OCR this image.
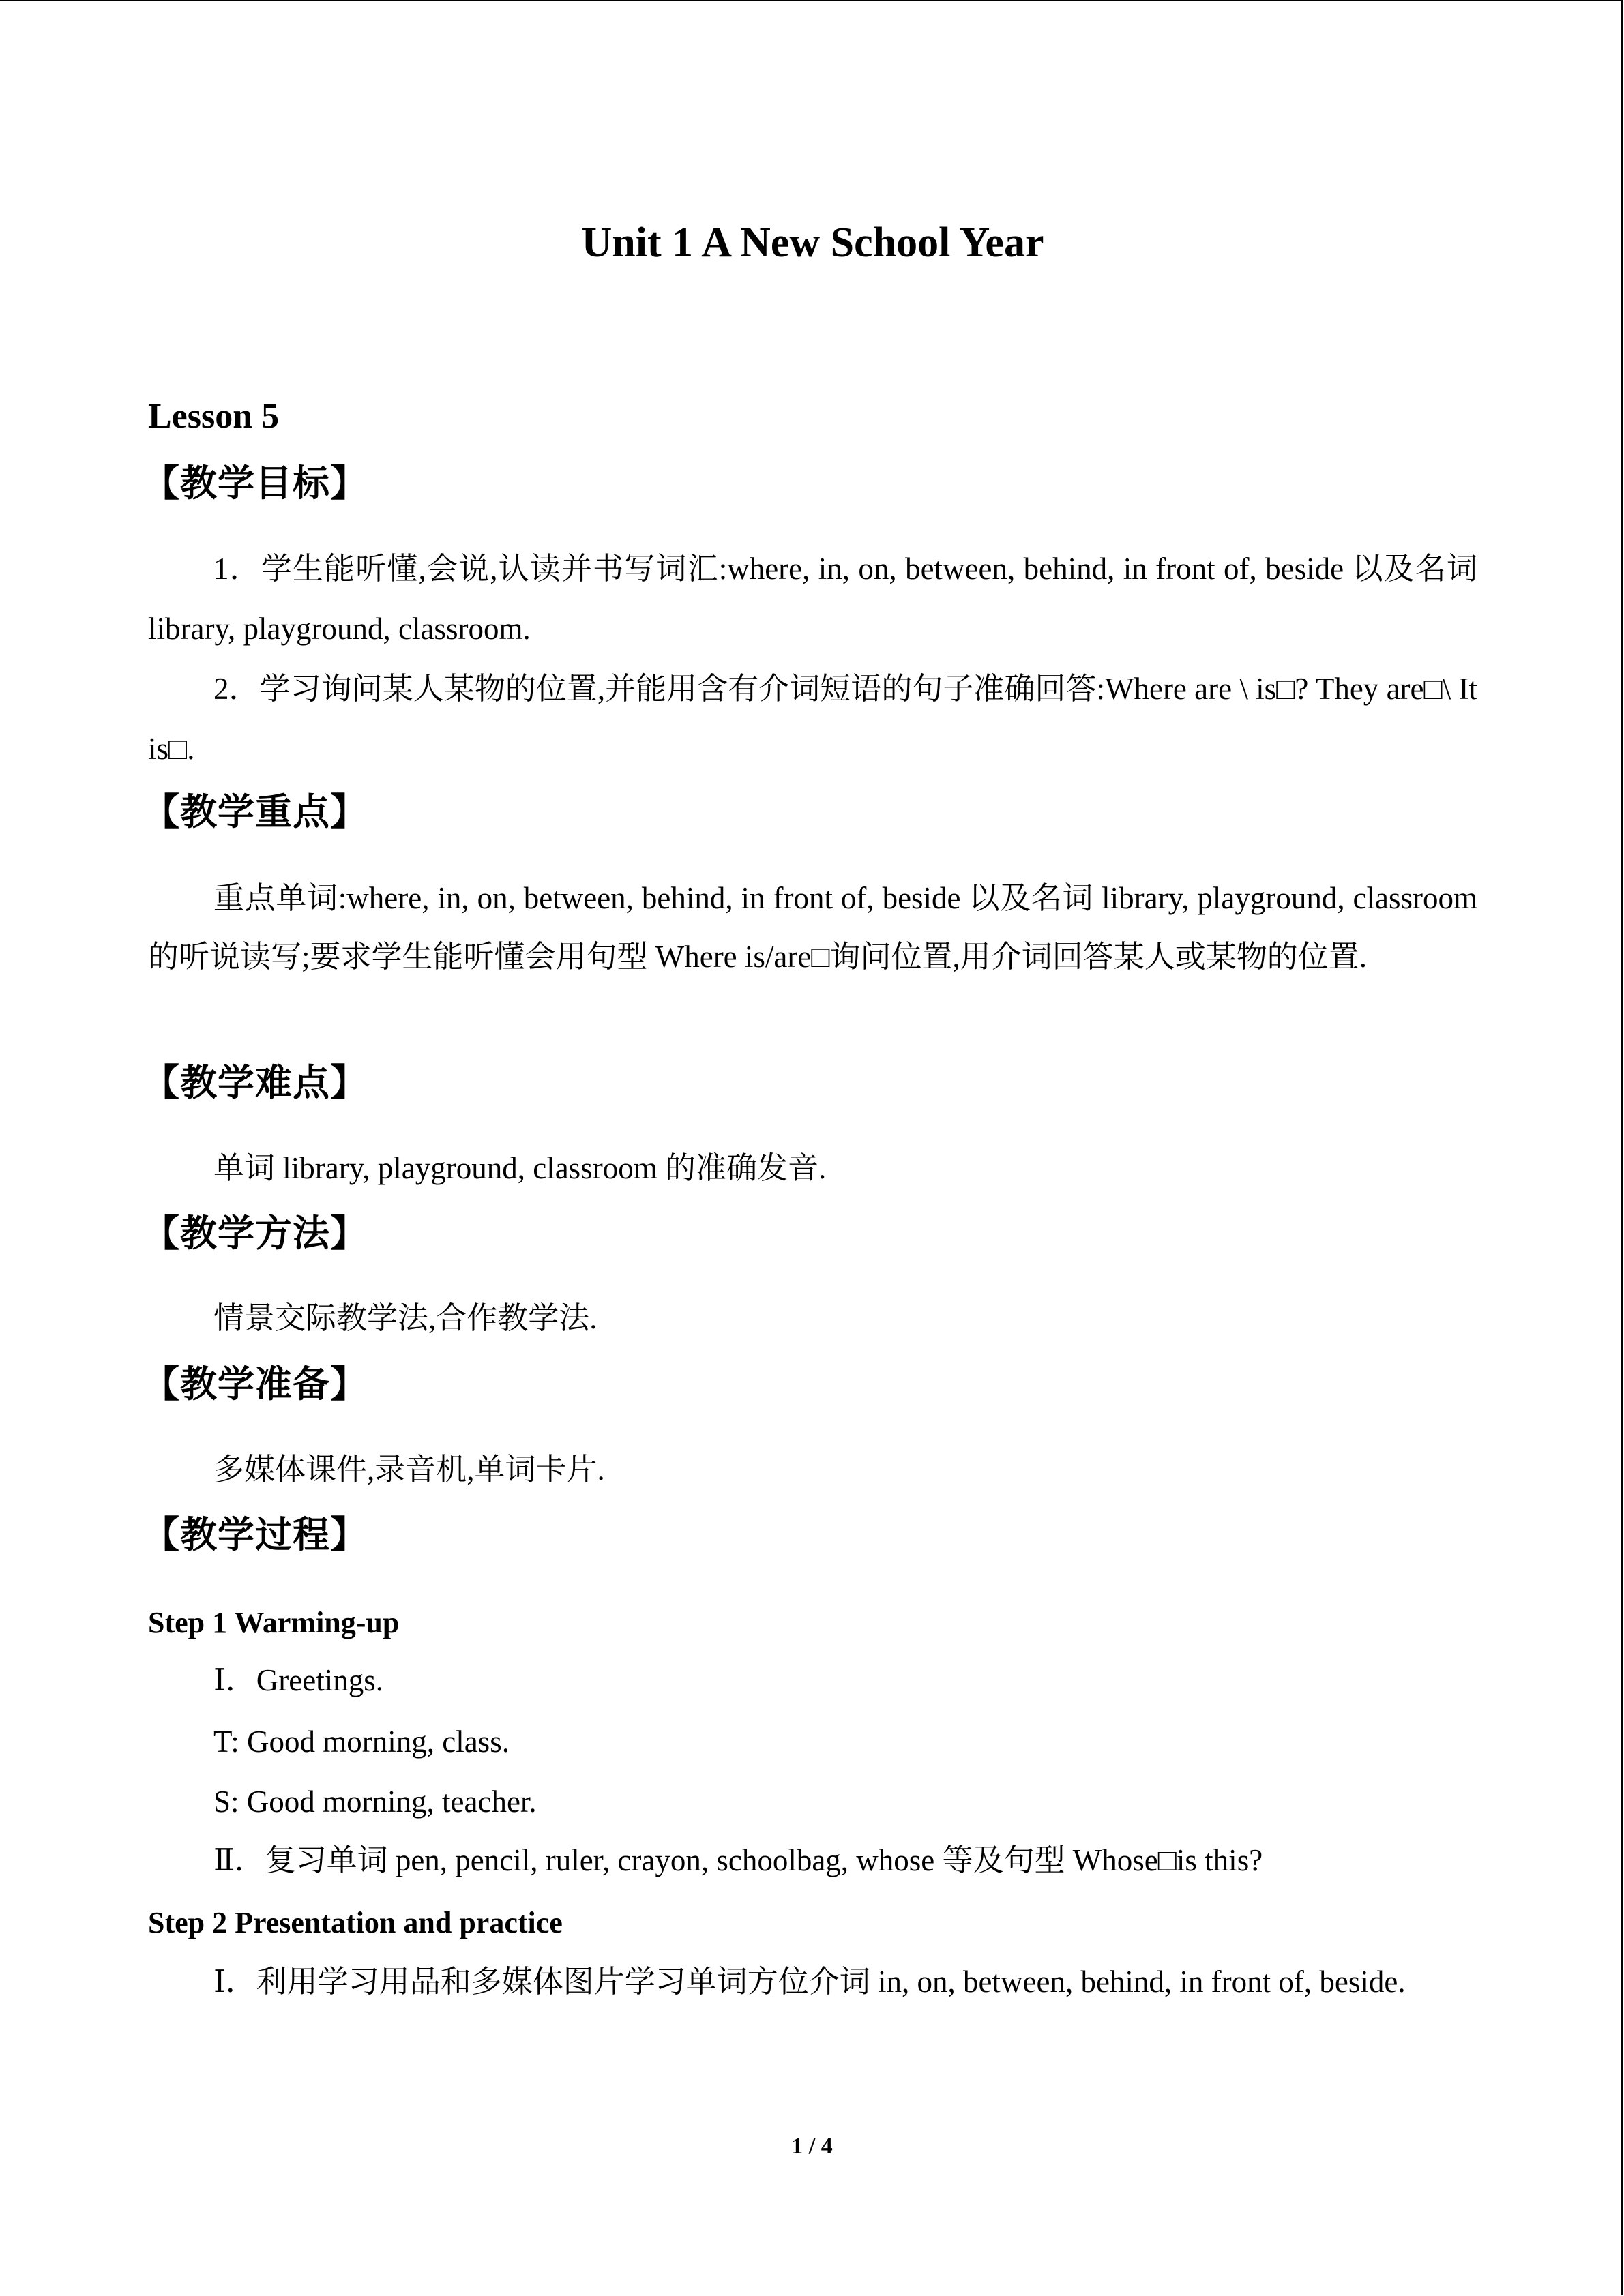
Unit 1 A New School Year
Lesson 5
【教学目标】
1．学生能听懂,会说,认读并书写词汇:where, in, on, between, behind, in front of, beside 以及名词 library, playground, classroom.
2．学习询问某人某物的位置,并能用含有介词短语的句子准确回答:Where are \ is□? They are□\ It is□.
【教学重点】
重点单词:where, in, on, between, behind, in front of, beside 以及名词 library, playground, classroom 的听说读写;要求学生能听懂会用句型 Where is/are□询问位置,用介词回答某人或某物的位置.
【教学难点】
单词 library, playground, classroom 的准确发音.
【教学方法】
情景交际教学法,合作教学法.
【教学准备】
多媒体课件,录音机,单词卡片.
【教学过程】
Step 1 Warming-up
Ⅰ．Greetings.
T: Good morning, class.
S: Good morning, teacher.
Ⅱ．复习单词 pen, pencil, ruler, crayon, schoolbag, whose 等及句型 Whose□is this?
Step 2 Presentation and practice
Ⅰ．利用学习用品和多媒体图片学习单词方位介词 in, on, between, behind, in front of, beside.
1 / 4
